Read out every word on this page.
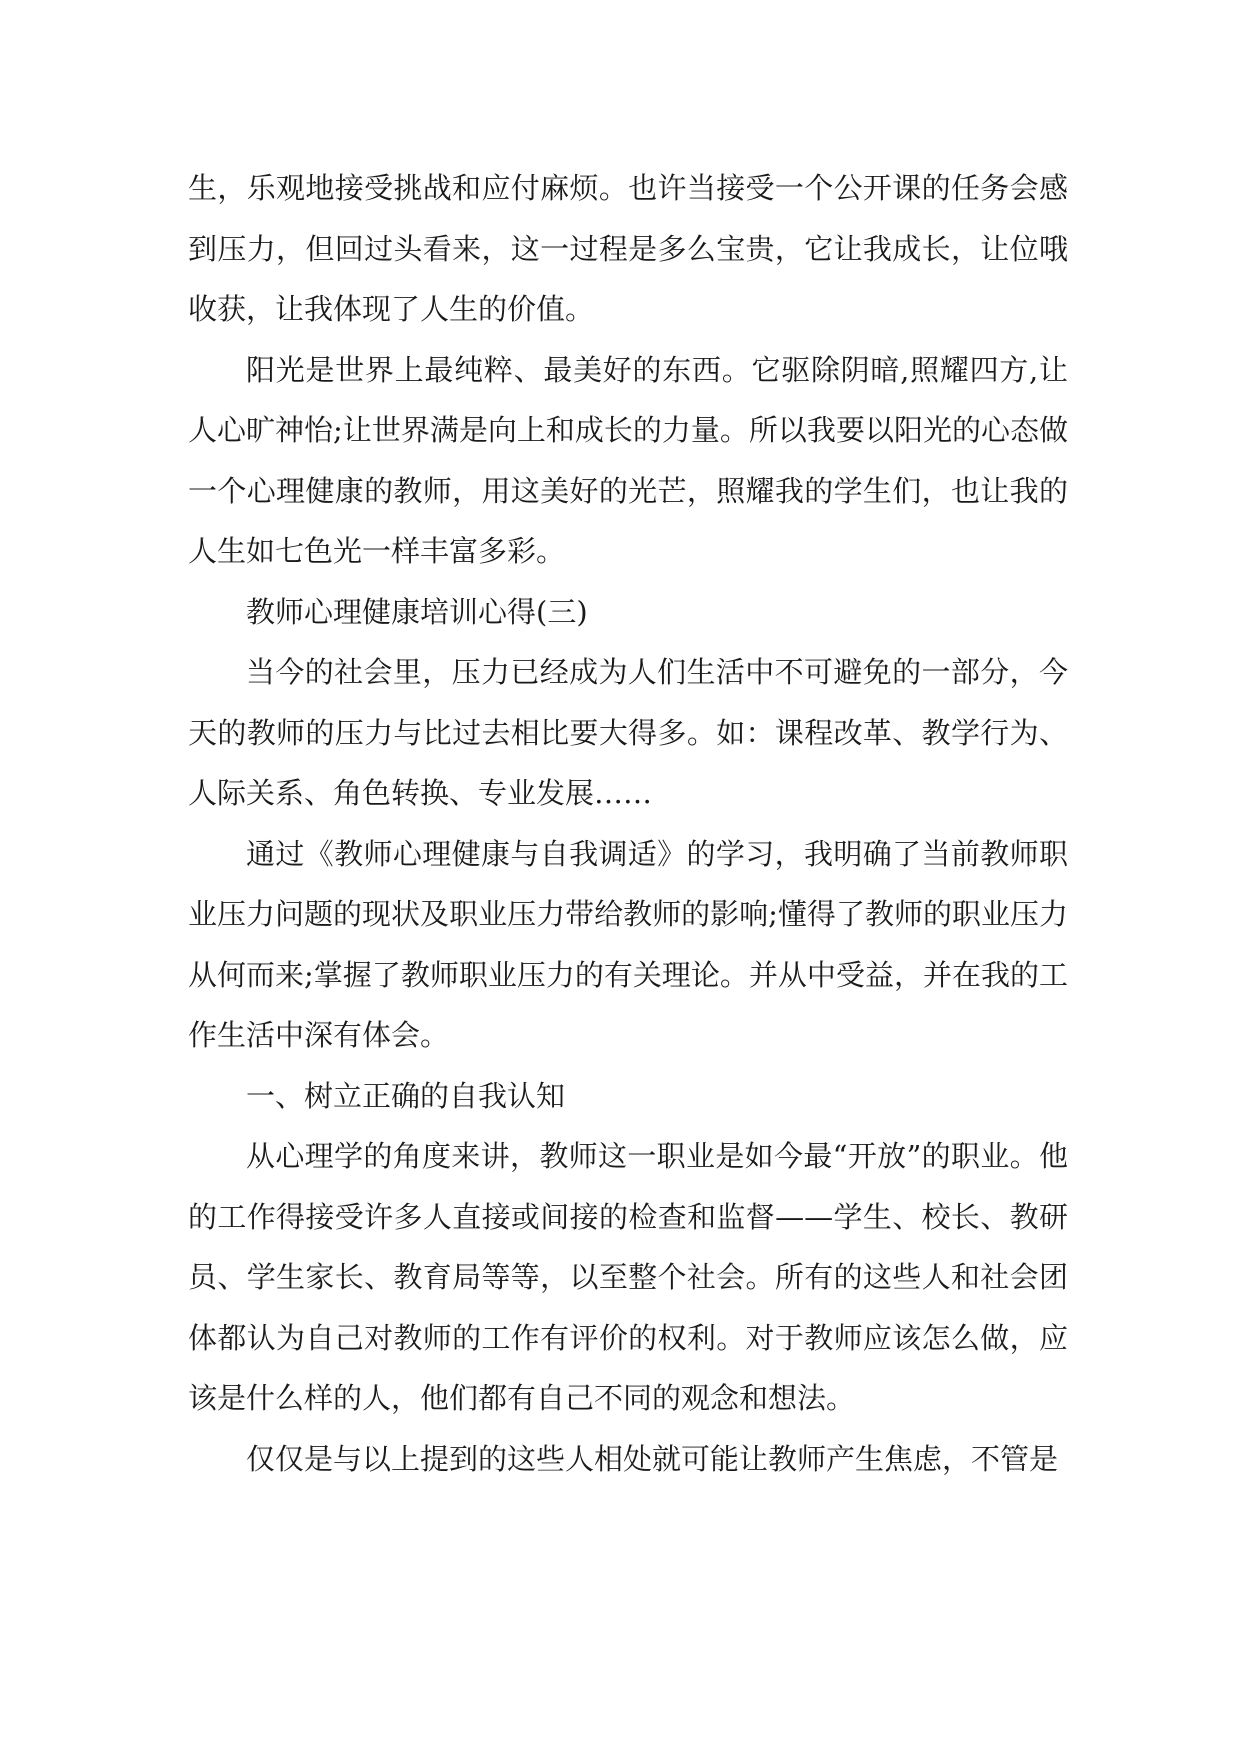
生，乐观地接受挑战和应付麻烦。也许当接受一个公开课的任务会感到压力，但回过头看来，这一过程是多么宝贵，它让我成长，让位哦收获，让我体现了人生的价值。

阳光是世界上最纯粹、最美好的东西。它驱除阴暗,照耀四方,让人心旷神怡;让世界满是向上和成长的力量。所以我要以阳光的心态做一个心理健康的教师，用这美好的光芒，照耀我的学生们，也让我的人生如七色光一样丰富多彩。

教师心理健康培训心得(三)

当今的社会里，压力已经成为人们生活中不可避免的一部分，今天的教师的压力与比过去相比要大得多。如：课程改革、教学行为、人际关系、角色转换、专业发展……

通过《教师心理健康与自我调适》的学习，我明确了当前教师职业压力问题的现状及职业压力带给教师的影响;懂得了教师的职业压力从何而来;掌握了教师职业压力的有关理论。并从中受益，并在我的工作生活中深有体会。

一、树立正确的自我认知

从心理学的角度来讲，教师这一职业是如今最“开放”的职业。他的工作得接受许多人直接或间接的检查和监督——学生、校长、教研员、学生家长、教育局等等，以至整个社会。所有的这些人和社会团体都认为自己对教师的工作有评价的权利。对于教师应该怎么做，应该是什么样的人，他们都有自己不同的观念和想法。

仅仅是与以上提到的这些人相处就可能让教师产生焦虑，不管是
